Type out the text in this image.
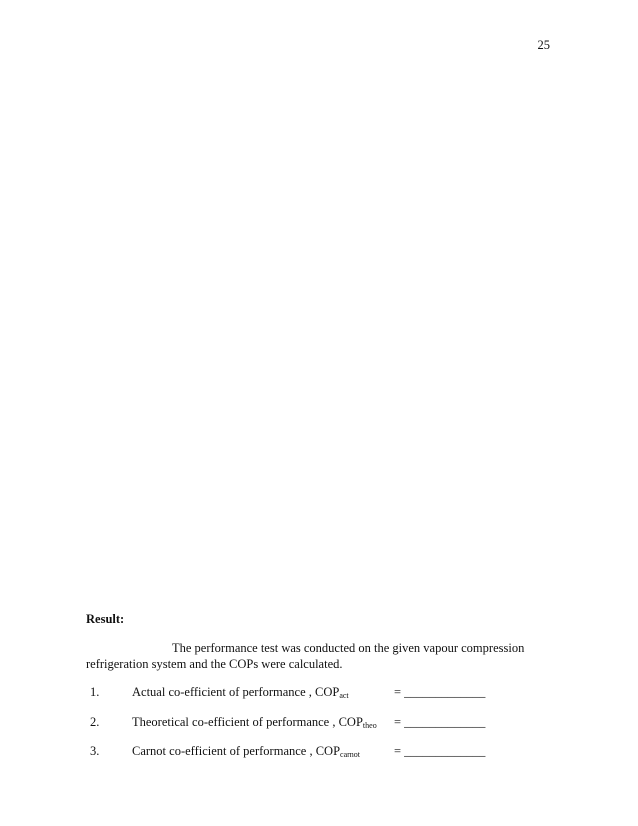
25
Result:
The performance test was conducted on the given vapour compression
refrigeration system and the COPs were calculated.
1.	Actual co-efficient of performance , $COP_{act}$	= _____________
2.	Theoretical co-efficient of performance , $COP_{theo}$ = _____________
3.	Carnot co-efficient of performance , $COP_{carnot}$	= _____________
